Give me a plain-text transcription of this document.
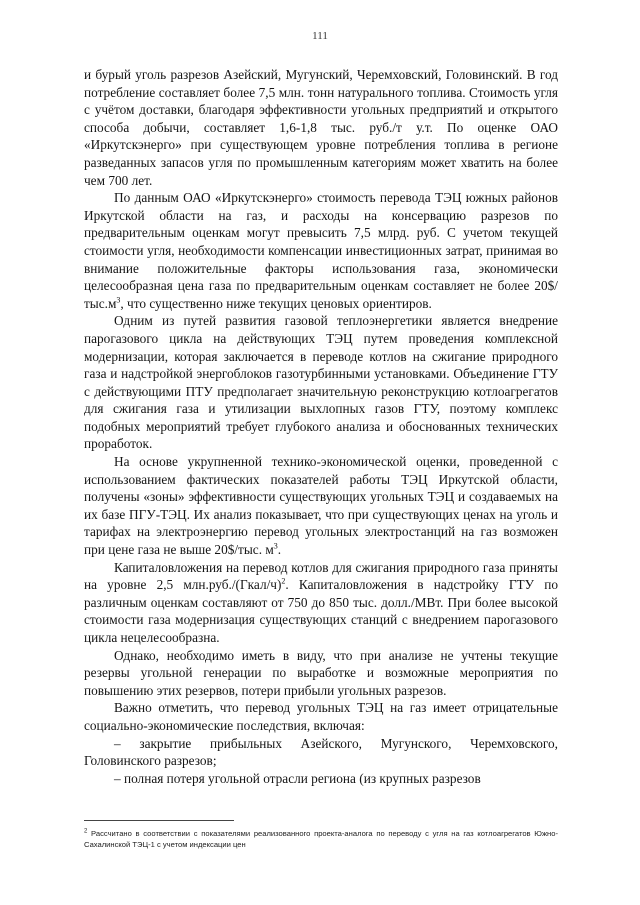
111

и бурый уголь разрезов Азейский, Мугунский, Черемховский, Головинский. В год потребление составляет более 7,5 млн. тонн натурального топлива. Стоимость угля с учётом доставки, благодаря эффективности угольных предприятий и открытого способа добычи, составляет 1,6-1,8 тыс. руб./т у.т. По оценке ОАО «Иркутскэнерго» при существующем уровне потребления топлива в регионе разведанных запасов угля по промышленным категориям может хватить на более чем 700 лет.

По данным ОАО «Иркутскэнерго» стоимость перевода ТЭЦ южных районов Иркутской области на газ, и расходы на консервацию разрезов по предварительным оценкам могут превысить 7,5 млрд. руб. С учетом текущей стоимости угля, необходимости компенсации инвестиционных затрат, принимая во внимание положительные факторы использования газа, экономически целесообразная цена газа по предварительным оценкам составляет не более $20\$/тыс.м^3$, что существенно ниже текущих ценовых ориентиров.

Одним из путей развития газовой теплоэнергетики является внедрение парогазового цикла на действующих ТЭЦ путем проведения комплексной модернизации, которая заключается в переводе котлов на сжигание природного газа и надстройкой энергоблоков газотурбинными установками. Объединение ГТУ с действующими ПТУ предполагает значительную реконструкцию котлоагрегатов для сжигания газа и утилизации выхлопных газов ГТУ, поэтому комплекс подобных мероприятий требует глубокого анализа и обоснованных технических проработок.

На основе укрупненной технико-экономической оценки, проведенной с использованием фактических показателей работы ТЭЦ Иркутской области, получены «зоны» эффективности существующих угольных ТЭЦ и создаваемых на их базе ПГУ-ТЭЦ. Их анализ показывает, что при существующих ценах на уголь и тарифах на электроэнергию перевод угольных электростанций на газ возможен при цене газа не выше 20$/тыс. $м^3$.

Капиталовложения на перевод котлов для сжигания природного газа приняты на уровне 2,5 млн.руб./(Гкал/ч)$^2$. Капиталовложения в надстройку ГТУ по различным оценкам составляют от 750 до 850 тыс. долл./МВт. При более высокой стоимости газа модернизация существующих станций с внедрением парогазового цикла нецелесообразна.

Однако, необходимо иметь в виду, что при анализе не учтены текущие резервы угольной генерации по выработке и возможные мероприятия по повышению этих резервов, потери прибыли угольных разрезов.

Важно отметить, что перевод угольных ТЭЦ на газ имеет отрицательные социально-экономические последствия, включая:

– закрытие прибыльных Азейского, Мугунского, Черемховского, Головинского разрезов;

– полная потеря угольной отрасли региона (из крупных разрезов

$^2$ Рассчитано в соответствии с показателями реализованного проекта-аналога по переводу с угля на газ котлоагрегатов Южно-Сахалинской ТЭЦ-1 с учетом индексации цен
